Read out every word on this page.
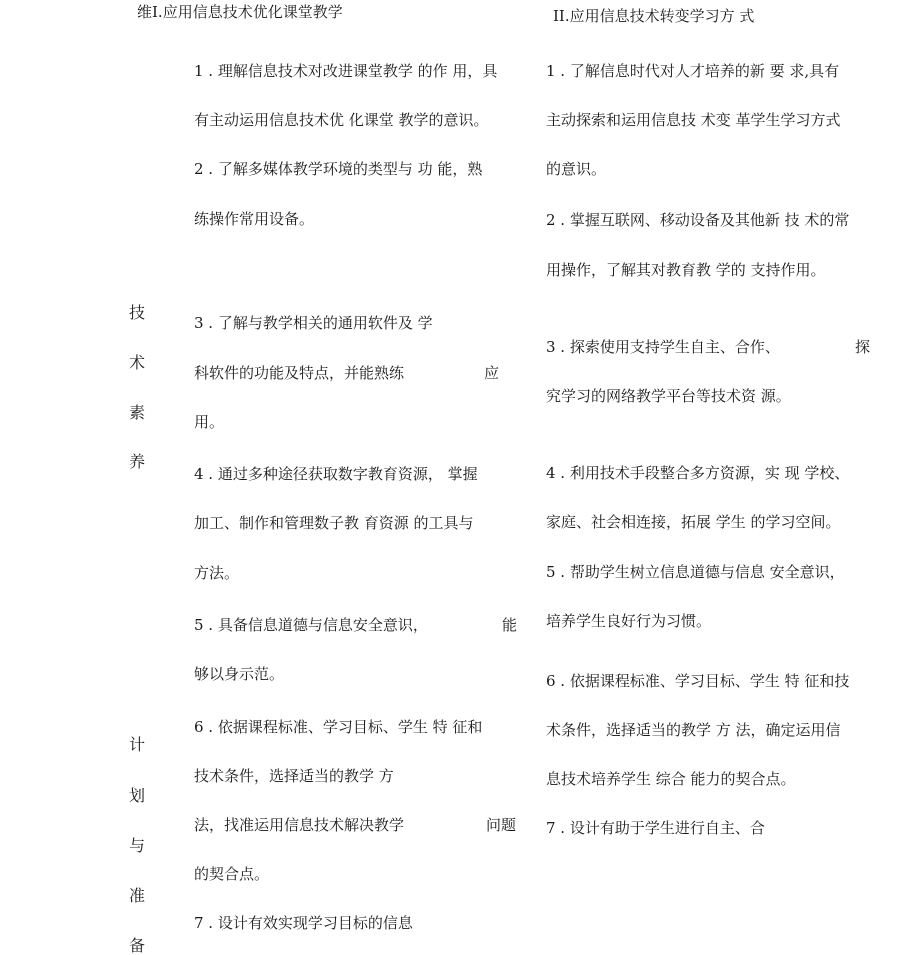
维I.应用信息技术优化课堂教学	II.应用信息技术转变学习方 式
技
术
素
养
计
划
与
准
备
1 . 理解信息技术对改进课堂教学 的作 用，具
有主动运用信息技术优 化课堂 教学的意识。
2 . 了解多媒体教学环境的类型与 功 能，熟
练操作常用设备。
3 . 了解与教学相关的通用软件及 学
科软件的功能及特点，并能熟练	应
用。
4 . 通过多种途径获取数字教育资源， 掌握
加工、制作和管理数子教 育资源 的工具与
方法。
5 . 具备信息道德与信息安全意识，	能
够以身示范。
6 . 依据课程标准、学习目标、学生 特 征和
技术条件，选择适当的教学 方
法，找准运用信息技术解决教学	问题
的契合点。
7 . 设计有效实现学习目标的信息
1 . 了解信息时代对人才培养的新 要 求,具有
主动探索和运用信息技 术变 革学生学习方式
的意识。
2 . 掌握互联网、移动设备及其他新 技 术的常
用操作，了解其对教育教 学的 支持作用。
3 . 探索使用支持学生自主、合作、	探
究学习的网络教学平台等技术资 源。
4 . 利用技术手段整合多方资源，实 现 学校、
家庭、社会相连接，拓展 学生 的学习空间。
5 . 帮助学生树立信息道德与信息 安全意识，
培养学生良好行为习惯。
6 . 依据课程标准、学习目标、学生 特 征和技
术条件，选择适当的教学 方 法，确定运用信
息技术培养学生 综合 能力的契合点。
7 . 设计有助于学生进行自主、合
